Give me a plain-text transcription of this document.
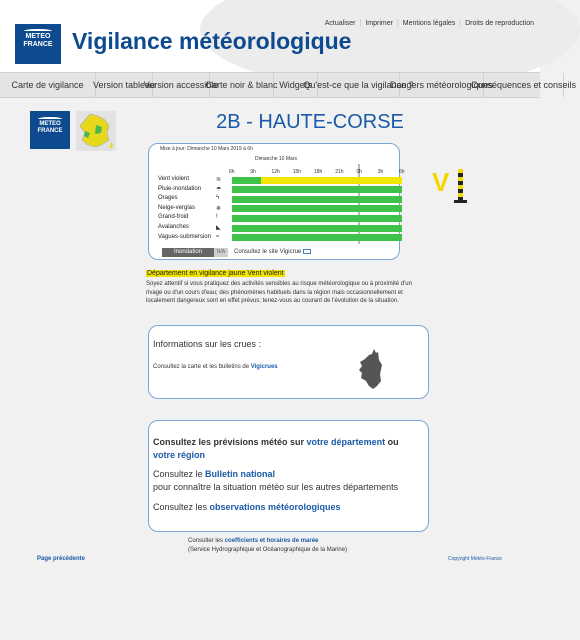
METEO
FRANCE Vigilance météorologique
Actualiser | Imprimer | Mentions légales | Droits de reproduction
Carte de vigilance	Version tableau
Version accessible
Carte noir & blanc Widgets
Qu'est-ce que la vigilance ?
Dangers météorologiques
Conséquences et conseils
METEO
FRANCE	2B - HAUTE-CORSE
Mise à jour: Dimanche 10 Mars 2019 à 6h
Dimanche 10 Mars
6h	9h	12h	15h	18h	21h	0h	3h	6h
Vent violent	≋
Pluie-inondation ☂
Orages	ϟ
Neige-verglas	❄
Grand-froid	ǃ
Avalanches	◣
Vagues-submersion ≈
Inondation	N/A	Consultez le site Vigicrue
V
Département en vigilance jaune Vent violent
Soyez attentif si vous pratiquez des activités sensibles au risque météorologique ou à proximité d'un rivage ou d'un cours d'eau; des phénomènes habituels dans la région mais occasionnellement et localement dangereux sont en effet prévus; tenez-vous au courant de l'évolution de la situation.
Informations sur les crues :
Consultez la carte et les bulletins de Vigicrues
Consultez les prévisions météo sur votre département ou
votre région
Consultez le Bulletin national
pour connaître la situation météo sur les autres départements
Consultez les observations météorologiques
Consulter les coefficients et horaires de marée
(Service Hydrographique et Océanographique de la Marine)
Page précédente	Copyright Météo-France
